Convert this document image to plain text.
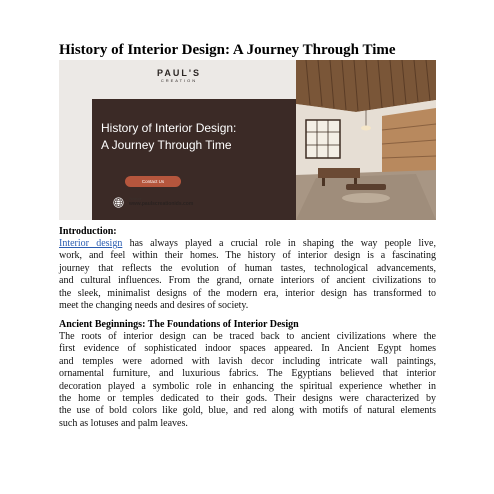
History of Interior Design: A Journey Through Time
PAUL'S
CREATION
History of Interior Design:
A Journey Through Time
Contact Us
Website
www.paulscreationids.com
Introduction:
Interior design has always played a crucial role in shaping the way people live,
work, and feel within their homes. The history of interior design is a fascinating
journey that reflects the evolution of human tastes, technological advancements,
and cultural influences. From the grand, ornate interiors of ancient civilizations to
the sleek, minimalist designs of the modern era, interior design has transformed to
meet the changing needs and desires of society.
Ancient Beginnings: The Foundations of Interior Design
The roots of interior design can be traced back to ancient civilizations where the
first evidence of sophisticated indoor spaces appeared. In Ancient Egypt homes
and temples were adorned with lavish decor including intricate wall paintings,
ornamental furniture, and luxurious fabrics. The Egyptians believed that interior
decoration played a symbolic role in enhancing the spiritual experience whether in
the home or temples dedicated to their gods. Their designs were characterized by
the use of bold colors like gold, blue, and red along with motifs of natural elements
such as lotuses and palm leaves.
